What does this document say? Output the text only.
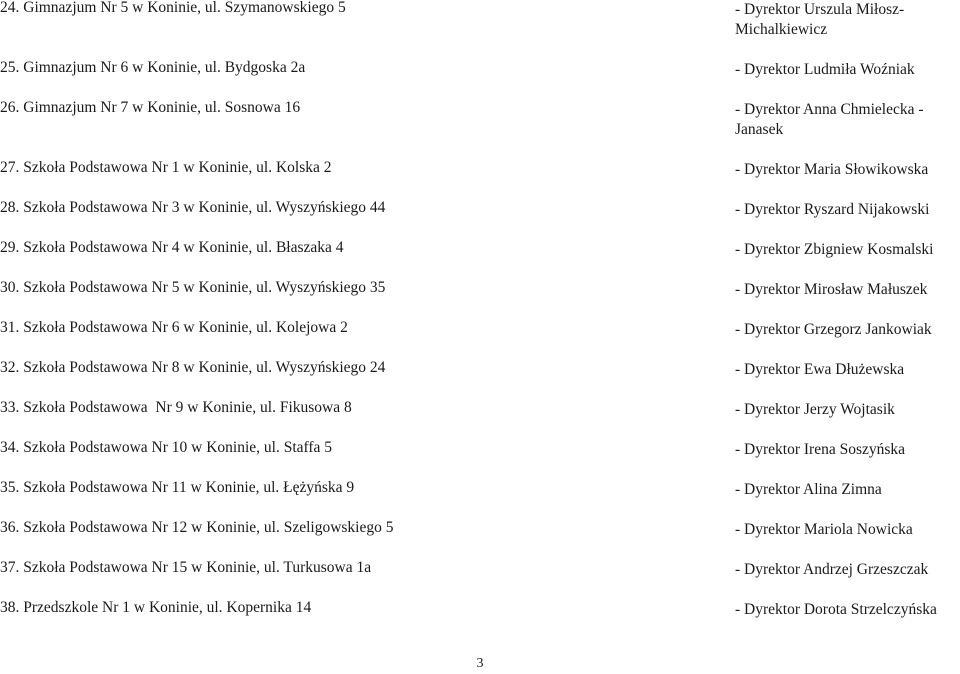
24. Gimnazjum Nr 5 w Koninie, ul. Szymanowskiego 5	- Dyrektor Urszula Miłosz-Michalkiewicz
25. Gimnazjum Nr 6 w Koninie, ul. Bydgoska 2a	- Dyrektor Ludmiła Woźniak
26. Gimnazjum Nr 7 w Koninie, ul. Sosnowa 16	- Dyrektor Anna Chmielecka - Janasek
27. Szkoła Podstawowa Nr 1 w Koninie, ul. Kolska 2	- Dyrektor Maria Słowikowska
28. Szkoła Podstawowa Nr 3 w Koninie, ul. Wyszyńskiego 44	- Dyrektor Ryszard Nijakowski
29. Szkoła Podstawowa Nr 4 w Koninie, ul. Błaszaka 4	- Dyrektor Zbigniew Kosmalski
30. Szkoła Podstawowa Nr 5 w Koninie, ul. Wyszyńskiego 35	- Dyrektor Mirosław Małuszek
31. Szkoła Podstawowa Nr 6 w Koninie, ul. Kolejowa 2	- Dyrektor Grzegorz Jankowiak
32. Szkoła Podstawowa Nr 8 w Koninie, ul. Wyszyńskiego 24	- Dyrektor Ewa Dłużewska
33. Szkoła Podstawowa  Nr 9 w Koninie, ul. Fikusowa 8	- Dyrektor Jerzy Wojtasik
34. Szkoła Podstawowa Nr 10 w Koninie, ul. Staffa 5	- Dyrektor Irena Soszyńska
35. Szkoła Podstawowa Nr 11 w Koninie, ul. Łężyńska 9	- Dyrektor Alina Zimna
36. Szkoła Podstawowa Nr 12 w Koninie, ul. Szeligowskiego 5	- Dyrektor Mariola Nowicka
37. Szkoła Podstawowa Nr 15 w Koninie, ul. Turkusowa 1a	- Dyrektor Andrzej Grzeszczak
38. Przedszkole Nr 1 w Koninie, ul. Kopernika 14	- Dyrektor Dorota Strzelczyńska
3
